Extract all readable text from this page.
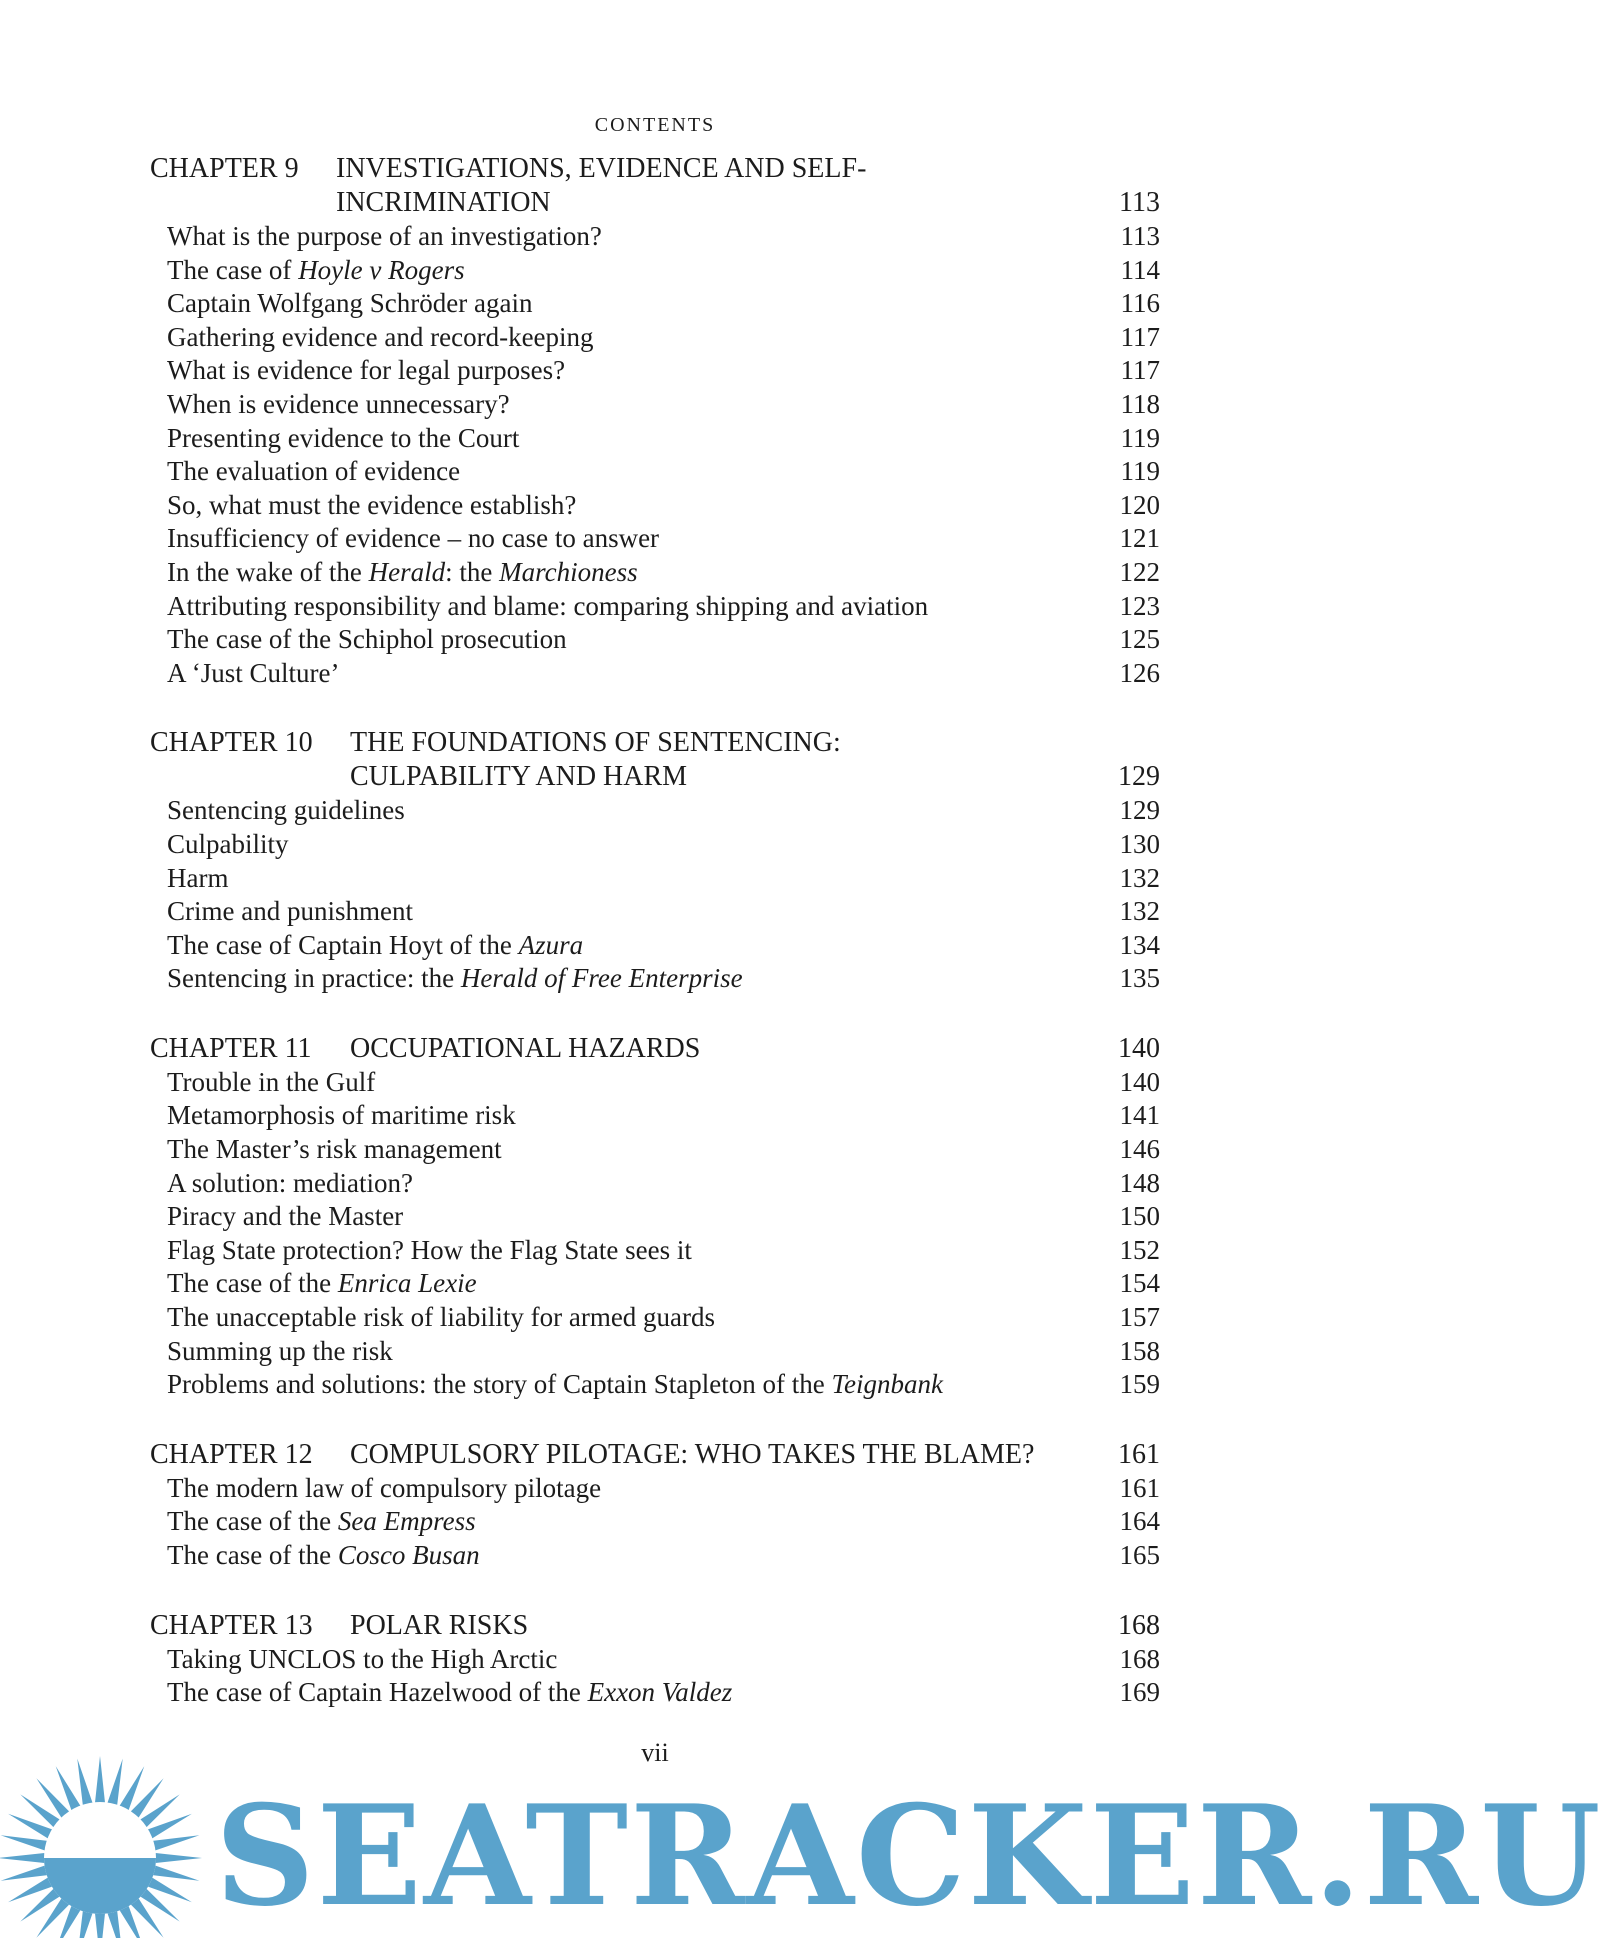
CONTENTS
CHAPTER 9 INVESTIGATIONS, EVIDENCE AND SELF-
INCRIMINATION	113
What is the purpose of an investigation?	113
The case of Hoyle v Rogers	114
Captain Wolfgang Schröder again	116
Gathering evidence and record-keeping	117
What is evidence for legal purposes?	117
When is evidence unnecessary?	118
Presenting evidence to the Court	119
The evaluation of evidence	119
So, what must the evidence establish?	120
Insufficiency of evidence – no case to answer	121
In the wake of the Herald: the Marchioness	122
Attributing responsibility and blame: comparing shipping and aviation	123
The case of the Schiphol prosecution	125
A ‘Just Culture’	126
CHAPTER 10 THE FOUNDATIONS OF SENTENCING:
CULPABILITY AND HARM	129
Sentencing guidelines	129
Culpability	130
Harm	132
Crime and punishment	132
The case of Captain Hoyt of the Azura	134
Sentencing in practice: the Herald of Free Enterprise	135
CHAPTER 11 OCCUPATIONAL HAZARDS	140
Trouble in the Gulf	140
Metamorphosis of maritime risk	141
The Master’s risk management	146
A solution: mediation?	148
Piracy and the Master	150
Flag State protection? How the Flag State sees it	152
The case of the Enrica Lexie	154
The unacceptable risk of liability for armed guards	157
Summing up the risk	158
Problems and solutions: the story of Captain Stapleton of the Teignbank	159
CHAPTER 12 COMPULSORY PILOTAGE: WHO TAKES THE BLAME?	161
The modern law of compulsory pilotage	161
The case of the Sea Empress	164
The case of the Cosco Busan	165
CHAPTER 13 POLAR RISKS	168
Taking UNCLOS to the High Arctic	168
The case of Captain Hazelwood of the Exxon Valdez	169
vii
SEATRACKER.RU
